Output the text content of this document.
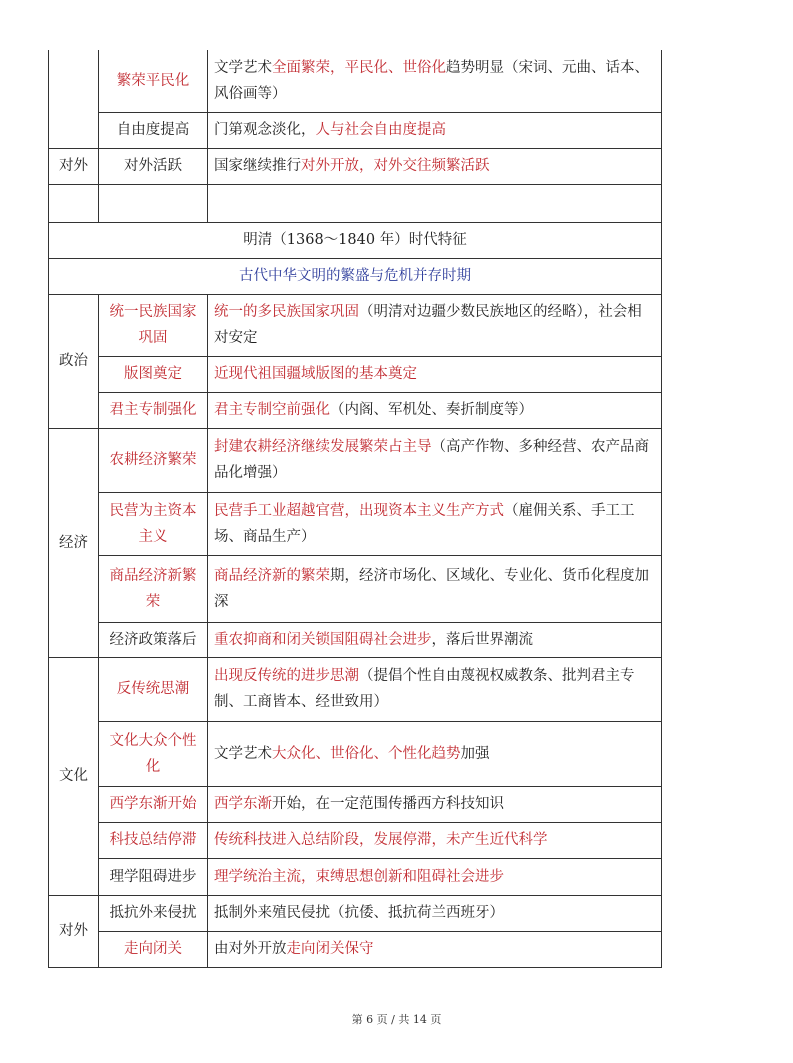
	繁荣平民化	文学艺术全面繁荣，平民化、世俗化趋势明显（宋词、元曲、话本、风俗画等）
	自由度提高	门第观念淡化，人与社会自由度提高
对外	对外活跃	国家继续推行对外开放，对外交往频繁活跃

明清（1368～1840 年）时代特征		
古代中华文明的繁盛与危机并存时期		
政治	统一民族国家巩固	统一的多民族国家巩固（明清对边疆少数民族地区的经略），社会相对安定
	版图奠定	近现代祖国疆域版图的基本奠定
	君主专制强化	君主专制空前强化（内阁、军机处、奏折制度等）
经济	农耕经济繁荣	封建农耕经济继续发展繁荣占主导（高产作物、多种经营、农产品商品化增强）
	民营为主资本主义	民营手工业超越官营，出现资本主义生产方式（雇佣关系、手工工场、商品生产）
	商品经济新繁荣	商品经济新的繁荣期，经济市场化、区域化、专业化、货币化程度加深
	经济政策落后	重农抑商和闭关锁国阻碍社会进步，落后世界潮流
文化	反传统思潮	出现反传统的进步思潮（提倡个性自由蔑视权威教条、批判君主专制、工商皆本、经世致用）
	文化大众个性化	文学艺术大众化、世俗化、个性化趋势加强
	西学东渐开始	西学东渐开始，在一定范围传播西方科技知识
	科技总结停滞	传统科技进入总结阶段，发展停滞，未产生近代科学
	理学阻碍进步	理学统治主流，束缚思想创新和阻碍社会进步
对外	抵抗外来侵扰	抵制外来殖民侵扰（抗倭、抵抗荷兰西班牙）
	走向闭关	由对外开放走向闭关保守
第 6 页 / 共 14 页
